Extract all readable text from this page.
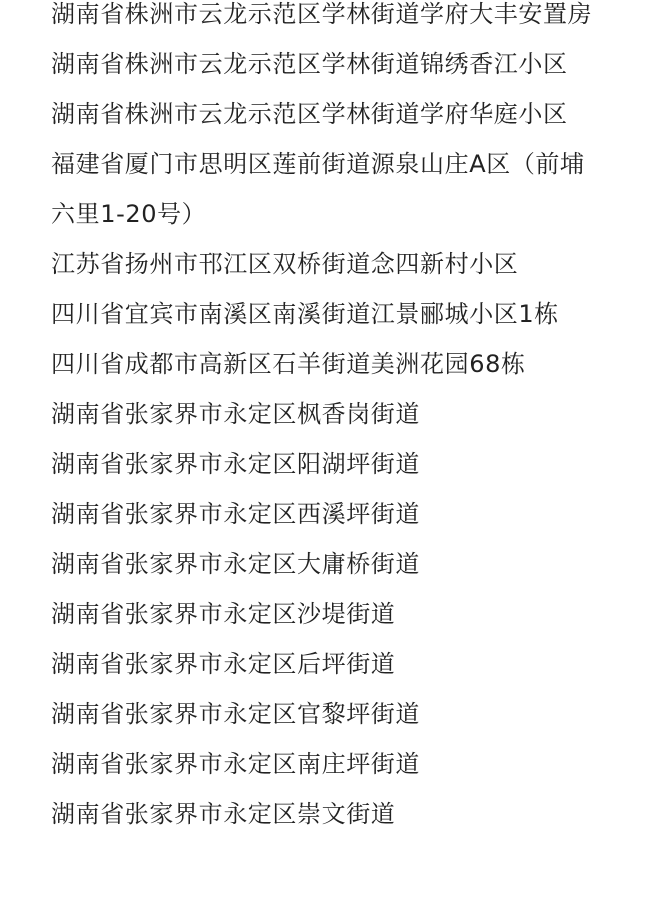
湖南省株洲市云龙示范区学林街道学府大丰安置房
湖南省株洲市云龙示范区学林街道锦绣香江小区
湖南省株洲市云龙示范区学林街道学府华庭小区
福建省厦门市思明区莲前街道源泉山庄A区（前埔六里1-20号）
江苏省扬州市邗江区双桥街道念四新村小区
四川省宜宾市南溪区南溪街道江景郦城小区1栋
四川省成都市高新区石羊街道美洲花园68栋
湖南省张家界市永定区枫香岗街道
湖南省张家界市永定区阳湖坪街道
湖南省张家界市永定区西溪坪街道
湖南省张家界市永定区大庸桥街道
湖南省张家界市永定区沙堤街道
湖南省张家界市永定区后坪街道
湖南省张家界市永定区官黎坪街道
湖南省张家界市永定区南庄坪街道
湖南省张家界市永定区崇文街道
